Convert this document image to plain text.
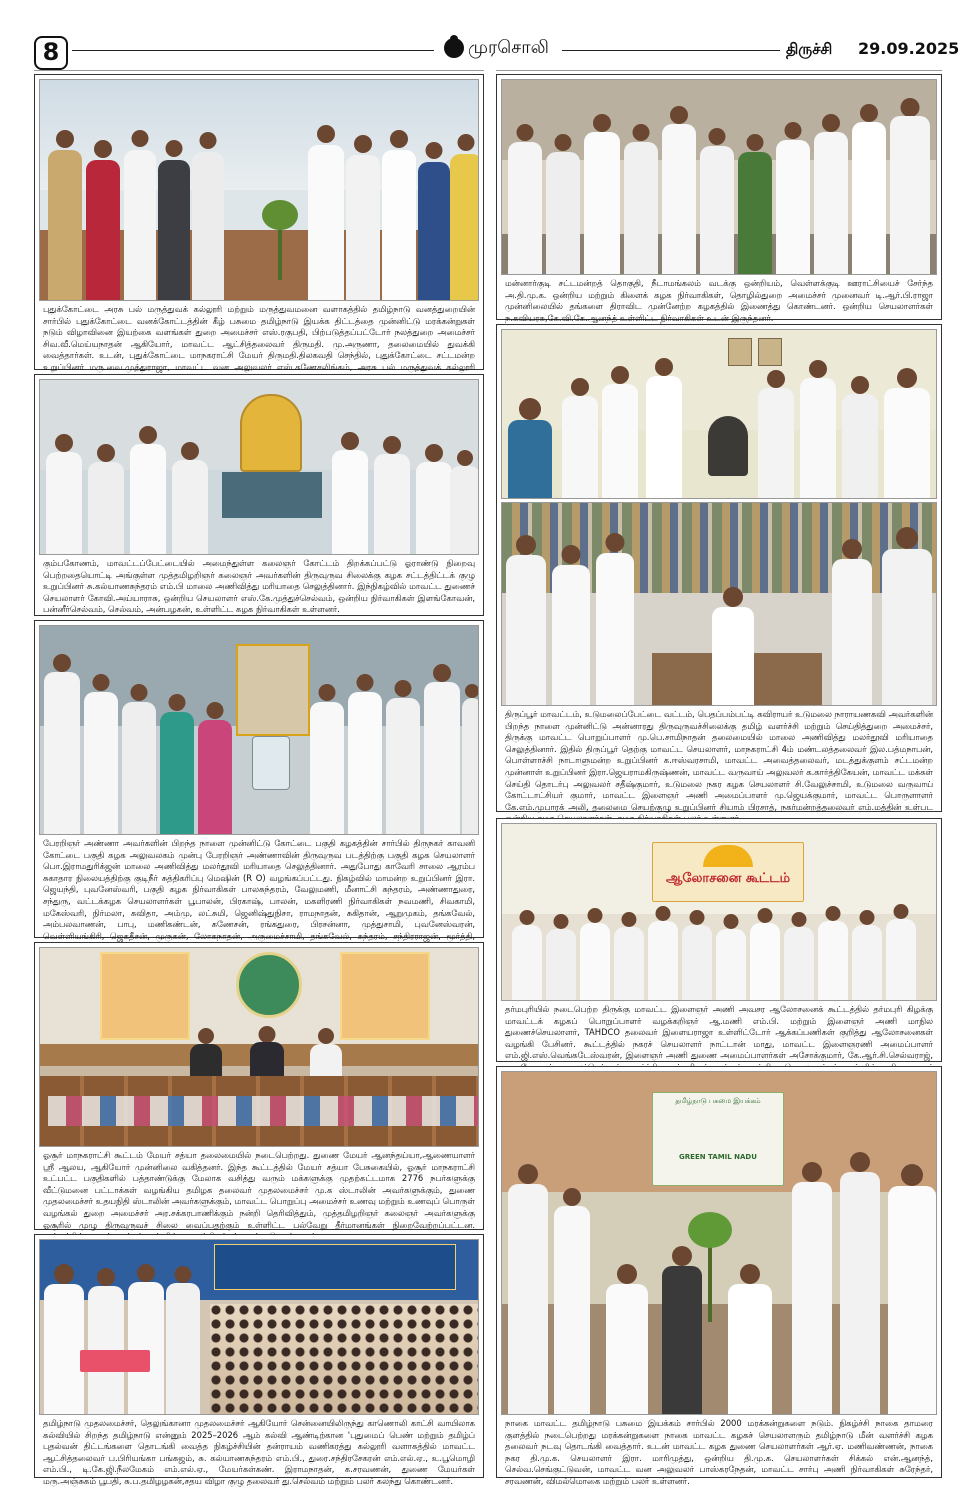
8	முரசொலி	திருச்சி 29.09.2025
புதுக்கோட்டை அரசு பல் மருத்துவக் கல்லூரி மற்றும் மருத்துவமனை வளாகத்தில் தமிழ்நாடு வனத்துறையின் சார்பில் புதுக்கோட்டை வனக்கோட்டத்தின் கீழ் பசுமை தமிழ்நாடு இயக்க திட்டத்தை முன்னிட்டு மரக்கன்றுகள் நடும் விழாவினை இயற்கை வளங்கள் துறை அமைச்சர் எஸ்.ரகுபதி, பிற்படுத்தப்பட்டோர் நலத்துறை அமைச்சர் சிவ.வீ.மெய்யநாதன் ஆகியோர், மாவட்ட ஆட்சித்தலைவர் திருமதி. மு.அருணா, தலைமையில் துவக்கி வைத்தார்கள். உடன், புதுக்கோட்டை மாநகராட்சி மேயர் திருமதி.திலகவதி செந்தில், புதுக்கோட்டை சட்டமன்ற உறுப்பினர் மரு.வை.முத்துராஜா, மாவட்ட வன அலுவலர் எஸ்.கணேசலிங்கம், அரசு பல் மருத்துவக் கல்லூரி
மன்னார்குடி சட்டமன்றத் தொகுதி, நீடாமங்கலம் வடக்கு ஒன்றியம், வெள்ளக்குடி ஊராட்சியைச் சேர்ந்த அ.தி.மு.க. ஒன்றிய மற்றும் கிளைக் கழக நிர்வாகிகள், தொழில்துறை அமைச்சர் முனைவர் டி.ஆர்.பி.ராஜா முன்னிலையில் தங்களை திராவிட முன்னேற்ற கழகத்தில் இணைத்து கொண்டனர். ஒன்றிய செயலாளர்கள் ந.கவியரசு,கே.வி.கே.ஆனந்த் உள்ளிட்ட நிர்வாகிகள் உடன் இருந்தனர்.
கும்பகோணம், மாவட்டப்பேட்டையில் அமைந்துள்ள கலைஞர் கோட்டம் திறக்கப்பட்டு ஓராண்டு நிறைவு பெற்றதையொட்டி அங்குள்ள முத்தமிழறிஞர் கலைஞர் அவர்களின் திருவுருவ சிலைக்கு கழக சட்டத்திட்டக் குழு உறுப்பினர் சு.கல்யாணசுந்தரம் எம்.பி மாலை அணிவித்து மரியாதை செலுத்தினார். இந்நிகழ்வில் மாவட்ட துணைச் செயலாளர் கோவி.அய்யாராசு, ஒன்றிய செயலாளர் எஸ்.கே.முத்துச்செல்வம், ஒன்றிய நிர்வாகிகள் இளங்கோவன், பன்னீர்செல்வம், செல்வம், அன்பழகன், உள்ளிட்ட கழக நிர்வாகிகள் உள்ளனர்.
திருப்பூர் மாவட்டம், உடுமலைப்பேட்டை வட்டம், பெதப்பம்பட்டி கவிராயர் உடுமலை நாராயணகவி அவர்களின் பிறந்த நாளை முன்னிட்டு அன்னாரது திருவுருவச்சிலைக்கு தமிழ் வளர்ச்சி மற்றும் செய்தித்துறை அமைச்சர், திருக்கு மாவட்ட பொறுப்பாளர் மு.பெ.சாமிநாதன் தலைமையில் மாலை அணிவித்து மலர்தூவி மரியாதை செலுத்தினார். இதில் திருப்பூர் தெற்கு மாவட்ட செயலாளர், மாநகராட்சி 4ம் மண்டலத்தலைவர் இல.பத்மநாபன், பொள்ளாச்சி நாடாளுமன்ற உறுப்பினர் க.ஈஸ்வரசாமி, மாவட்ட அவைத்தலைவர், மடத்துக்குளம் சட்டமன்ற முன்னாள் உறுப்பினர் இரா.ஜெயராமகிருஷ்ணன், மாவட்ட வருவாய் அலுவலர் க.கார்த்திகேயன், மாவட்ட மக்கள் செய்தி தொடர்பு அலுவலர் சதீஷ்குமார், உடுமலை நகர கழக செயலாளர் சி.வேலுச்சாமி, உடுமலை வருவாய் கோட்டாட்சியர் குமார், மாவட்ட இளைஞர் அணி அமைப்பாளர் மு.ஜெயக்குமார், மாவட்ட பொருளாளர் கே.எம்.முபாரக் அலி, தலைமை செயற்குழு உறுப்பினர் சியாம் பிரசாத், நகர்மன்றத்தலைவர் எம்.மத்தின் உள்பட
பேரறிஞர் அண்ணா அவர்களின் பிறந்த நாளை முன்னிட்டு கோட்டை பகுதி கழகத்தின் சார்பில் திருநகர் காவனி கோட்டை பகுதி கழக அலுவலகம் முன்பு பேரறிஞர் அண்ணாவின் திருவுருவ படத்திற்கு பகுதி கழக செயலாளர் பொ.இராமதுரிக்ஜன் மாலை அணிவித்து மலர்தூவி மரியாதை செலுத்தினார். அதுபோது காவேரி சாலை ஆரம்ப சுகாதார நிலையத்திற்கு குடிநீர் சுத்திகரிப்பு மெஷின் (R O) வழங்கப்பட்டது. நிகழ்வில் மாமன்ற உறுப்பினர் இரா. ஜெயந்தி, புவனேஸ்வரி, பகுதி கழக நிர்வாகிகள் பாலசுந்தரம், வேலுமணி, மீனாட்சி சுந்தரம், அண்ணாதுரை, சந்துரு, வட்டக்கழக செயலாளர்கள் பூபாலன், பிரகாஷ், பாலன், மகளிரணி நிர்வாகிகள் நவமணி, சிவகாமி, மகேஸ்வரி, நிர்மலா, கவிதா, அம்மு, லட்சுமி, ஜெனிஷ்துநிசா, ராமநாதன், சுகிதான், ஆறுமுகம், தங்கவேல், அம்பலவாணன், பாபு, மணிகண்டன், கணேசன், ரங்கதுரை, பிரசன்னா, முத்துசாமி, புவனேஸ்வரன், வெள்ளியங்கிரி, ஜெகதீசன், முருகன், லோகநாதன், அருமைச்சாமி, தங்கவேல், சுந்தரம், சந்திரராஜன், மூர்த்தி,
ஆலோசனை கூட்டம்
தர்மபுரியில் நடைபெற்ற திருக்கு மாவட்ட இளைஞர் அணி அவசர ஆலோசனைக் கூட்டத்தில் தர்மபுரி கிழக்கு மாவட்டக் கழகப் பொறுப்பாளர் வழக்கறிஞர் ஆ.மணி எம்.பி. மற்றும் இளைஞர் அணி மாநில துணைச்செயலாளர், TAHDCO தலைவர் இளையராஜா உள்ளிட்டோர் ஆக்கப்பணிகள் குறித்து ஆலோசனைகள் வழங்கி பேசினர். கூட்டத்தில் நகரச் செயலாளர் நாட்டான் மாது, மாவட்ட இளைஞரணி அமைப்பாளர் எம்.ஜி.எஸ்.வெங்கடேஸ்வரன், இளைஞர் அணி துணை அமைப்பாளர்கள் அசோக்குமார், கே.ஆர்.சி.செல்வராஜ்,
ஓசூர் மாநகராட்சி கூட்டம் மேயர் சத்யா தலைமையில் நடைபெற்றது. துணை மேயர் ஆனந்தய்யா,ஆணையாளர் ஸ்ரீ ஆலய, ஆகியோர் முன்னிலை வகித்தனர். இந்த கூட்டத்தில் மேயர் சத்யா பேசுகையில், ஓசூர் மாநகராட்சி உட்பட்ட பகுதிகளில் பத்தாண்டுக்கு மேலாக வசித்து வரும் மக்களுக்கு முதற்கட்டமாக 2776 நபர்களுக்கு வீட்டுமனை பட்டாக்கள் வழங்கிய தமிழக தலைவர் முதலமைச்சர் மு.க ஸ்டாலின் அவர்களுக்கும், துணை முதலமைச்சர் உதயநிதி ஸ்டாலின் அவர்களுக்கும், மாவட்ட பொறுப்பு அமைச்சர் உணவு மற்றும் உணவுப் பொருள் வழங்கல் துறை அமைச்சர் அர.சக்கரபாணிக்கும் நன்றி தெரிவித்தும், முத்தமிழறிஞர் கலைஞர் அவர்களுக்கு ஓசூரில் முழு திருவுருவச் சிலை வைப்பதற்கும் உள்ளிட்ட பல்வேறு தீர்மானங்கள் நிறைவேற்றப்பட்டன.
தமிழ்நாடு முதலமைச்சர், தெலுங்கானா முதலமைச்சர் ஆகியோர் சென்னையிலிருந்து காணொலி காட்சி வாயிலாக கல்வியில் சிறந்த தமிழ்நாடு என்னும் 2025–2026 ஆம் கல்வி ஆண்டிற்கான 'புதுமைப் பெண் மற்றும் தமிழ்ப் புதல்வன் திட்டங்களை தொடங்கி வைத்த நிகழ்ச்சியின் தன்ராயம் வணிகரத்து கல்லூரி வளாகத்தில் மாவட்ட ஆட்சித்தலைவர் ப.பிரியங்கா பங்கஜம், சு. கல்யாணசுந்தரம் எம்.பி., துரை.சந்திரசேகரன் எம்.எல்.ஏ., உ.பூமொழி எம்.பி., டி.கே.ஜி.நீலமேகம் எம்.எல்.ஏ., மேயர்கள்கண். இராமநாதன், க.சரவணன், துணை மேயர்கள் மரு.அஞ்சுகம் பூபதி, சு.ப.தமிழழகன்,சதய விழா குழு தலைவர் து.செல்வம் மற்றும் பலர் கலந்து கொண்டனர்.
தமிழ்நாடு பசுமை இயக்கம்
GREEN TAMIL NADU
நாகை மாவட்ட தமிழ்நாடு பசுமை இயக்கம் சார்பில் 2000 மரக்கன்றுகளை நடும். நிகழ்ச்சி நாகை தாமரை குளத்தில் நடைபெற்றது மரக்கன்றுகளை நாகை மாவட்ட கழகச் செயலாளரும் தமிழ்நாடு மீன் வளர்ச்சி கழக தலைவர் நடவு தொடங்கி வைத்தார். உடன் மாவட்ட கழக துணை செயலாளர்கள் ஆர்.ஏ. மணிவண்ணன், நாகை நகர தி.மு.க. செயலாளர் இரா. மாரிமுத்து, ஒன்றிய தி.மு.க. செயலாளர்கள் சிக்கல் என்.ஆனந்த், செல்வ.செங்குட்டுவன், மாவட்ட வன அலுவலர் பாஸ்கரநேதன், மாவட்ட சார்பு அணி நிர்வாகிகள் சுரேந்தர், சரவணன், விமல்மொகை மற்றும் பலர் உள்ளனர்.
